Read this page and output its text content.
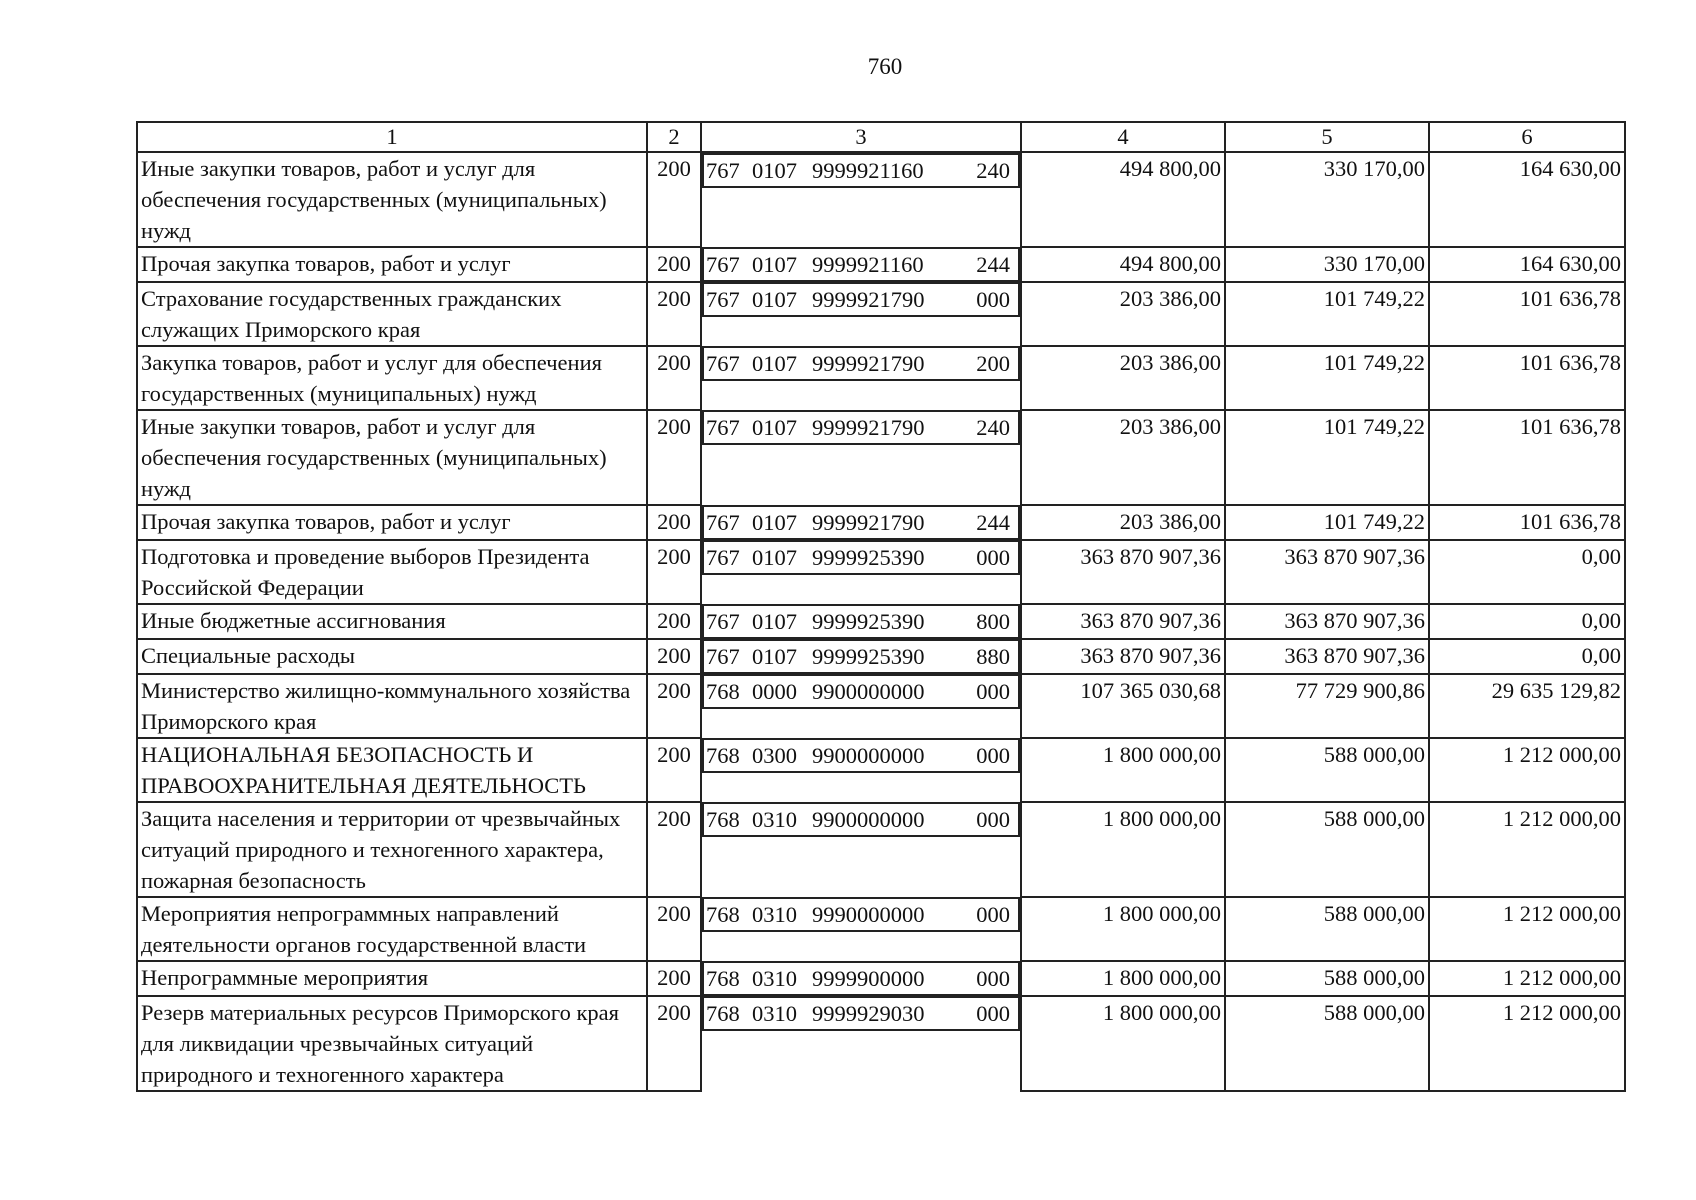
760
1	2	3	4	5	6
Иные закупки товаров, работ и услуг для обеспечения государственных (муниципальных) нужд	200	767 0107 9999921160	240	494 800,00	330 170,00	164 630,00
Прочая закупка товаров, работ и услуг	200	767 0107 9999921160	244	494 800,00	330 170,00	164 630,00
Страхование государственных гражданских служащих Приморского края	200	767 0107 9999921790	000	203 386,00	101 749,22	101 636,78
Закупка товаров, работ и услуг для обеспечения государственных (муниципальных) нужд	200	767 0107 9999921790	200	203 386,00	101 749,22	101 636,78
Иные закупки товаров, работ и услуг для обеспечения государственных (муниципальных) нужд	200	767 0107 9999921790	240	203 386,00	101 749,22	101 636,78
Прочая закупка товаров, работ и услуг	200	767 0107 9999921790	244	203 386,00	101 749,22	101 636,78
Подготовка и проведение выборов Президента Российской Федерации	200	767 0107 9999925390	000	363 870 907,36	363 870 907,36	0,00
Иные бюджетные ассигнования	200	767 0107 9999925390	800	363 870 907,36	363 870 907,36	0,00
Специальные расходы	200	767 0107 9999925390	880	363 870 907,36	363 870 907,36	0,00
Министерство жилищно-коммунального хозяйства Приморского края	200	768 0000 9900000000	000	107 365 030,68	77 729 900,86	29 635 129,82
НАЦИОНАЛЬНАЯ БЕЗОПАСНОСТЬ И ПРАВООХРАНИТЕЛЬНАЯ ДЕЯТЕЛЬНОСТЬ	200	768 0300 9900000000	000	1 800 000,00	588 000,00	1 212 000,00
Защита населения и территории от чрезвычайных ситуаций природного и техногенного характера, пожарная безопасность	200	768 0310 9900000000	000	1 800 000,00	588 000,00	1 212 000,00
Мероприятия непрограммных направлений деятельности органов государственной власти	200	768 0310 9990000000	000	1 800 000,00	588 000,00	1 212 000,00
Непрограммные мероприятия	200	768 0310 9999900000	000	1 800 000,00	588 000,00	1 212 000,00
Резерв материальных ресурсов Приморского края для ликвидации чрезвычайных ситуаций природного и техногенного характера	200	768 0310 9999929030	000	1 800 000,00	588 000,00	1 212 000,00
